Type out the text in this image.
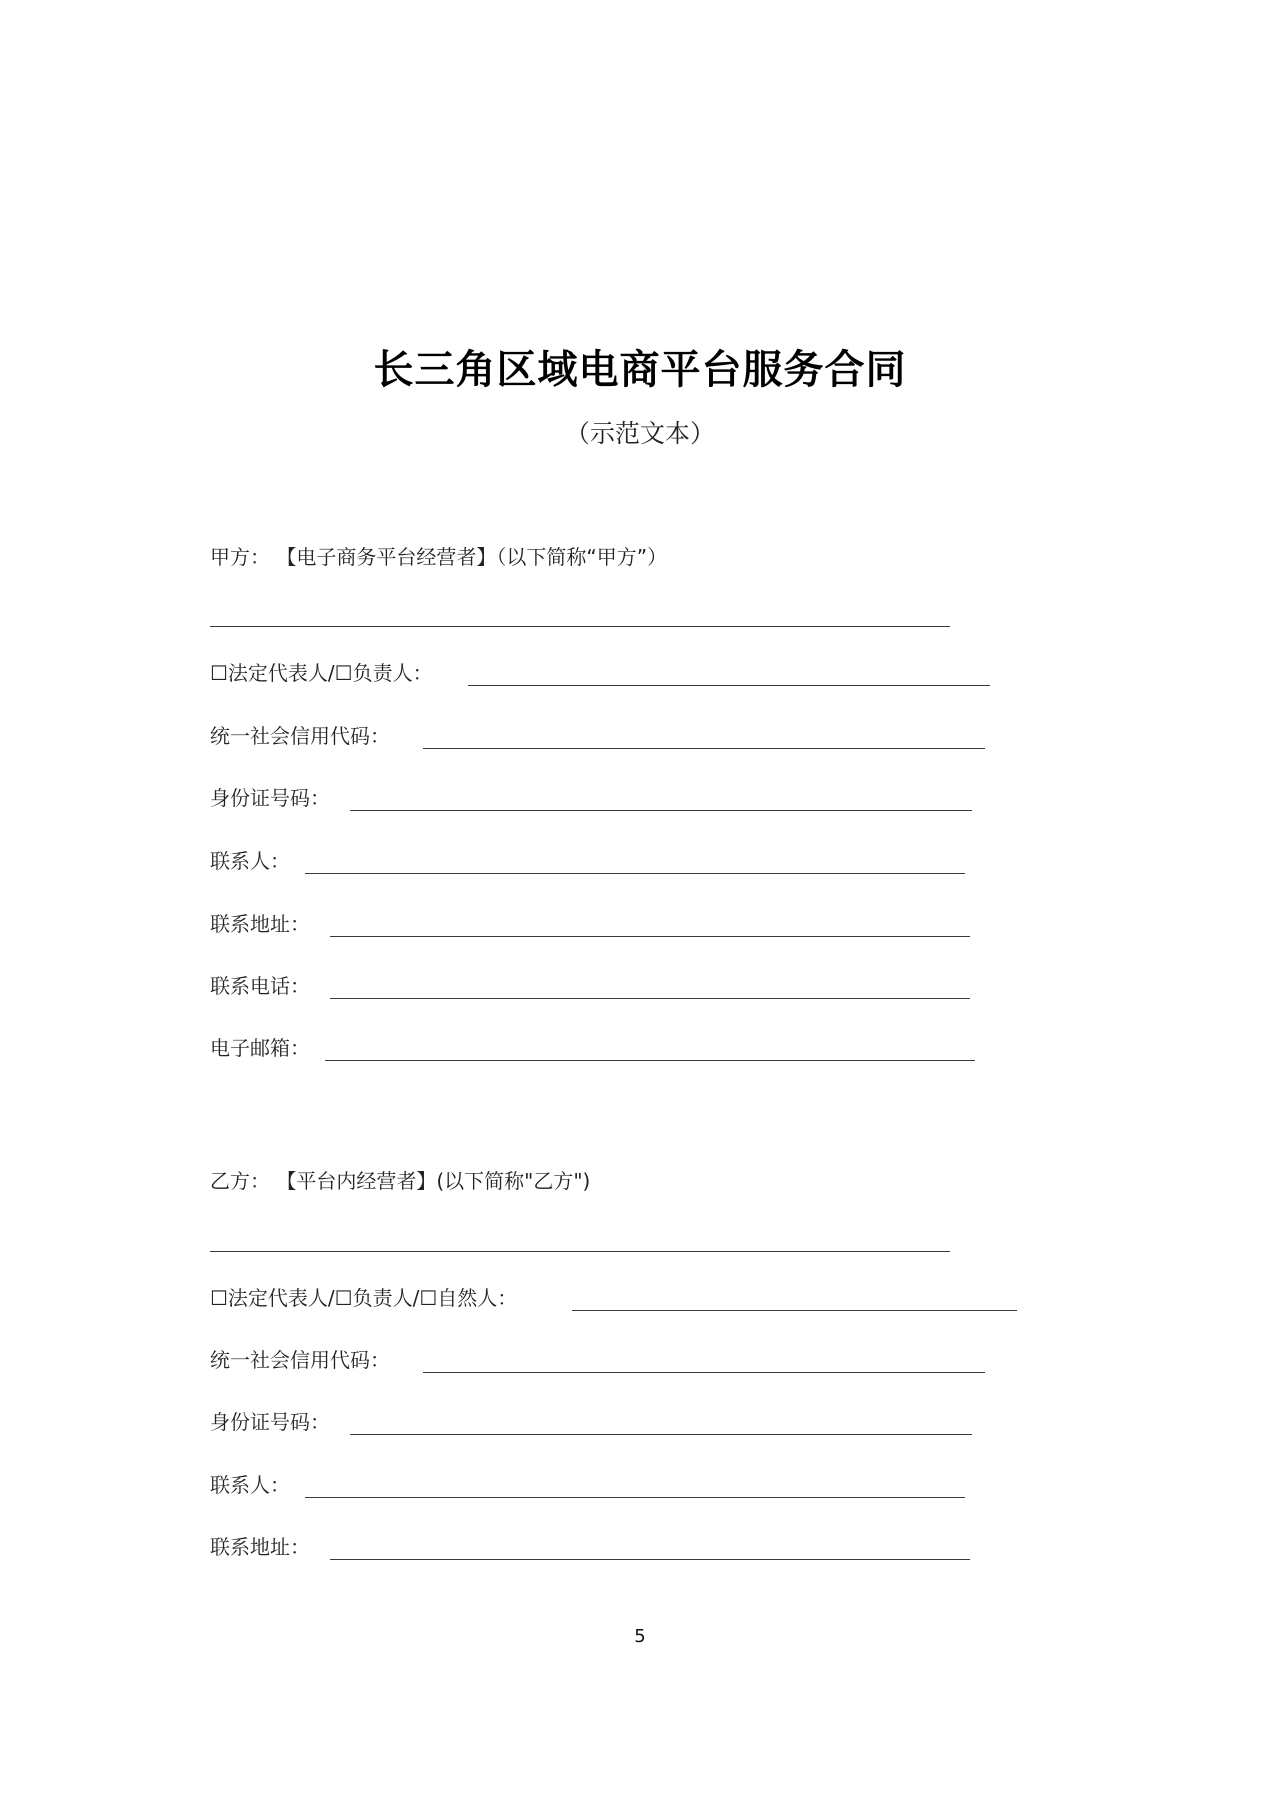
长三角区域电商平台服务合同
（示范文本）
甲方： 【电子商务平台经营者】（以下简称“甲方”）
☐法定代表人/☐负责人：
统一社会信用代码：
身份证号码：
联系人：
联系地址：
联系电话：
电子邮箱：
乙方： 【平台内经营者】(以下简称"乙方")
☐法定代表人/☐负责人/☐自然人：
统一社会信用代码：
身份证号码：
联系人：
联系地址：
5
